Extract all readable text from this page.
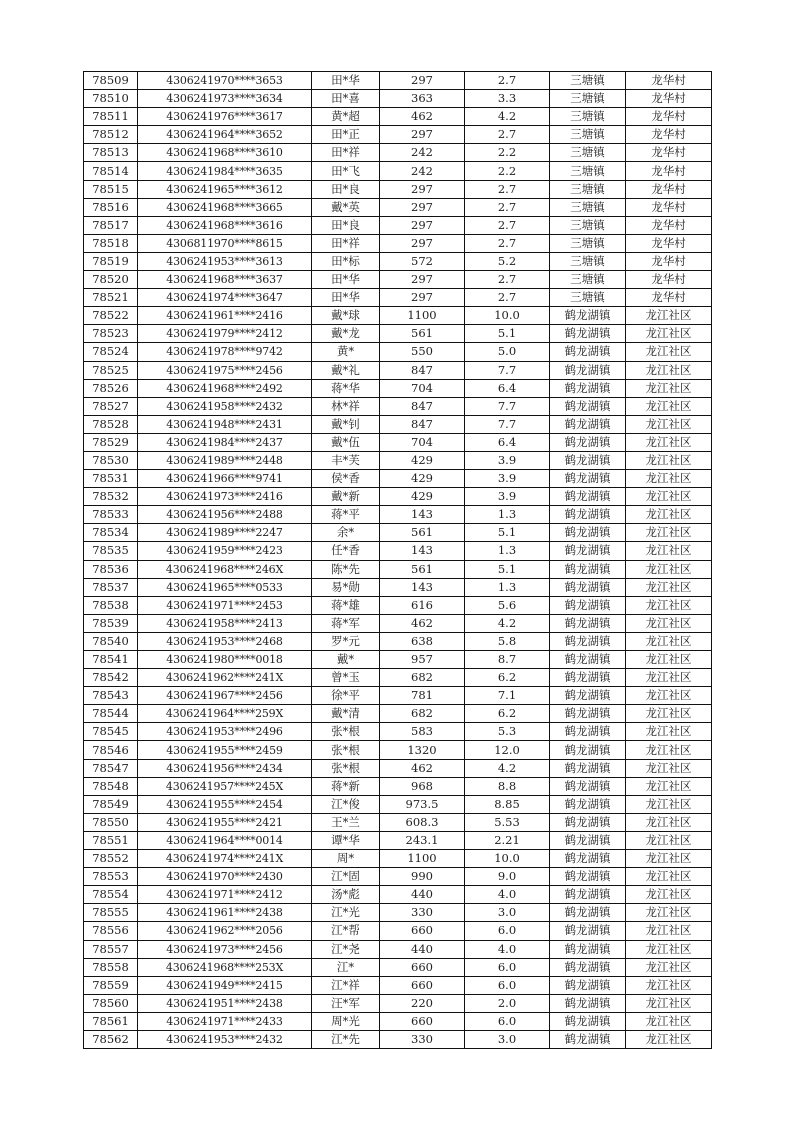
78509	4306241970****3653	田*华	297	2.7	三塘镇	龙华村
78510	4306241973****3634	田*喜	363	3.3	三塘镇	龙华村
78511	4306241976****3617	黄*超	462	4.2	三塘镇	龙华村
78512	4306241964****3652	田*正	297	2.7	三塘镇	龙华村
78513	4306241968****3610	田*祥	242	2.2	三塘镇	龙华村
78514	4306241984****3635	田*飞	242	2.2	三塘镇	龙华村
78515	4306241965****3612	田*良	297	2.7	三塘镇	龙华村
78516	4306241968****3665	戴*英	297	2.7	三塘镇	龙华村
78517	4306241968****3616	田*良	297	2.7	三塘镇	龙华村
78518	4306811970****8615	田*祥	297	2.7	三塘镇	龙华村
78519	4306241953****3613	田*标	572	5.2	三塘镇	龙华村
78520	4306241968****3637	田*华	297	2.7	三塘镇	龙华村
78521	4306241974****3647	田*华	297	2.7	三塘镇	龙华村
78522	4306241961****2416	戴*球	1100	10.0	鹤龙湖镇	龙江社区
78523	4306241979****2412	戴*龙	561	5.1	鹤龙湖镇	龙江社区
78524	4306241978****9742	黄*	550	5.0	鹤龙湖镇	龙江社区
78525	4306241975****2456	戴*礼	847	7.7	鹤龙湖镇	龙江社区
78526	4306241968****2492	蒋*华	704	6.4	鹤龙湖镇	龙江社区
78527	4306241958****2432	林*祥	847	7.7	鹤龙湖镇	龙江社区
78528	4306241948****2431	戴*钊	847	7.7	鹤龙湖镇	龙江社区
78529	4306241984****2437	戴*伍	704	6.4	鹤龙湖镇	龙江社区
78530	4306241989****2448	丰*芙	429	3.9	鹤龙湖镇	龙江社区
78531	4306241966****9741	侯*香	429	3.9	鹤龙湖镇	龙江社区
78532	4306241973****2416	戴*新	429	3.9	鹤龙湖镇	龙江社区
78533	4306241956****2488	蒋*平	143	1.3	鹤龙湖镇	龙江社区
78534	4306241989****2247	余*	561	5.1	鹤龙湖镇	龙江社区
78535	4306241959****2423	任*香	143	1.3	鹤龙湖镇	龙江社区
78536	4306241968****246X	陈*先	561	5.1	鹤龙湖镇	龙江社区
78537	4306241965****0533	易*勋	143	1.3	鹤龙湖镇	龙江社区
78538	4306241971****2453	蒋*雄	616	5.6	鹤龙湖镇	龙江社区
78539	4306241958****2413	蒋*军	462	4.2	鹤龙湖镇	龙江社区
78540	4306241953****2468	罗*元	638	5.8	鹤龙湖镇	龙江社区
78541	4306241980****0018	戴*	957	8.7	鹤龙湖镇	龙江社区
78542	4306241962****241X	曾*玉	682	6.2	鹤龙湖镇	龙江社区
78543	4306241967****2456	徐*平	781	7.1	鹤龙湖镇	龙江社区
78544	4306241964****259X	戴*清	682	6.2	鹤龙湖镇	龙江社区
78545	4306241953****2496	张*根	583	5.3	鹤龙湖镇	龙江社区
78546	4306241955****2459	张*根	1320	12.0	鹤龙湖镇	龙江社区
78547	4306241956****2434	张*根	462	4.2	鹤龙湖镇	龙江社区
78548	4306241957****245X	蒋*新	968	8.8	鹤龙湖镇	龙江社区
78549	4306241955****2454	江*俊	973.5	8.85	鹤龙湖镇	龙江社区
78550	4306241955****2421	王*兰	608.3	5.53	鹤龙湖镇	龙江社区
78551	4306241964****0014	谭*华	243.1	2.21	鹤龙湖镇	龙江社区
78552	4306241974****241X	周*	1100	10.0	鹤龙湖镇	龙江社区
78553	4306241970****2430	江*固	990	9.0	鹤龙湖镇	龙江社区
78554	4306241971****2412	汤*彪	440	4.0	鹤龙湖镇	龙江社区
78555	4306241961****2438	江*光	330	3.0	鹤龙湖镇	龙江社区
78556	4306241962****2056	江*帮	660	6.0	鹤龙湖镇	龙江社区
78557	4306241973****2456	江*尧	440	4.0	鹤龙湖镇	龙江社区
78558	4306241968****253X	江*	660	6.0	鹤龙湖镇	龙江社区
78559	4306241949****2415	江*祥	660	6.0	鹤龙湖镇	龙江社区
78560	4306241951****2438	汪*军	220	2.0	鹤龙湖镇	龙江社区
78561	4306241971****2433	周*光	660	6.0	鹤龙湖镇	龙江社区
78562	4306241953****2432	江*先	330	3.0	鹤龙湖镇	龙江社区
